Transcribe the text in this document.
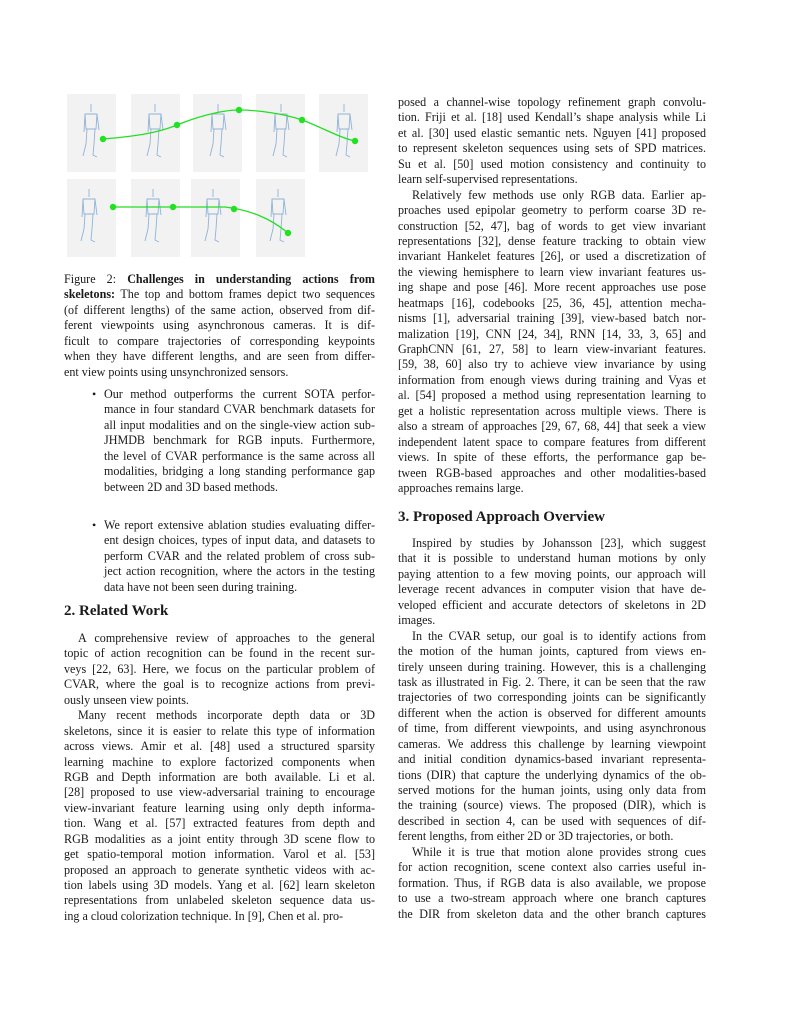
Figure 2: Challenges in understanding actions from
skeletons: The top and bottom frames depict two sequences
(of different lengths) of the same action, observed from dif-
ferent viewpoints using asynchronous cameras. It is dif-
ficult to compare trajectories of corresponding keypoints
when they have different lengths, and are seen from differ-
ent view points using unsynchronized sensors.
• Our method outperforms the current SOTA perfor-
mance in four standard CVAR benchmark datasets for
all input modalities and on the single-view action sub-
JHMDB benchmark for RGB inputs. Furthermore,
the level of CVAR performance is the same across all
modalities, bridging a long standing performance gap
between 2D and 3D based methods.
• We report extensive ablation studies evaluating differ-
ent design choices, types of input data, and datasets to
perform CVAR and the related problem of cross sub-
ject action recognition, where the actors in the testing
data have not been seen during training.
2. Related Work
A comprehensive review of approaches to the general
topic of action recognition can be found in the recent sur-
veys [22, 63]. Here, we focus on the particular problem of
CVAR, where the goal is to recognize actions from previ-
ously unseen view points.
Many recent methods incorporate depth data or 3D
skeletons, since it is easier to relate this type of information
across views. Amir et al. [48] used a structured sparsity
learning machine to explore factorized components when
RGB and Depth information are both available. Li et al.
[28] proposed to use view-adversarial training to encourage
view-invariant feature learning using only depth informa-
tion. Wang et al. [57] extracted features from depth and
RGB modalities as a joint entity through 3D scene flow to
get spatio-temporal motion information. Varol et al. [53]
proposed an approach to generate synthetic videos with ac-
tion labels using 3D models. Yang et al. [62] learn skeleton
representations from unlabeled skeleton sequence data us-
ing a cloud colorization technique. In [9], Chen et al. pro-
posed a channel-wise topology refinement graph convolu-
tion. Friji et al. [18] used Kendall’s shape analysis while Li
et al. [30] used elastic semantic nets. Nguyen [41] proposed
to represent skeleton sequences using sets of SPD matrices.
Su et al. [50] used motion consistency and continuity to
learn self-supervised representations.
Relatively few methods use only RGB data. Earlier ap-
proaches used epipolar geometry to perform coarse 3D re-
construction [52, 47], bag of words to get view invariant
representations [32], dense feature tracking to obtain view
invariant Hankelet features [26], or used a discretization of
the viewing hemisphere to learn view invariant features us-
ing shape and pose [46]. More recent approaches use pose
heatmaps [16], codebooks [25, 36, 45], attention mecha-
nisms [1], adversarial training [39], view-based batch nor-
malization [19], CNN [24, 34], RNN [14, 33, 3, 65] and
GraphCNN [61, 27, 58] to learn view-invariant features.
[59, 38, 60] also try to achieve view invariance by using
information from enough views during training and Vyas et
al. [54] proposed a method using representation learning to
get a holistic representation across multiple views. There is
also a stream of approaches [29, 67, 68, 44] that seek a view
independent latent space to compare features from different
views. In spite of these efforts, the performance gap be-
tween RGB-based approaches and other modalities-based
approaches remains large.
3. Proposed Approach Overview
Inspired by studies by Johansson [23], which suggest
that it is possible to understand human motions by only
paying attention to a few moving points, our approach will
leverage recent advances in computer vision that have de-
veloped efficient and accurate detectors of skeletons in 2D
images.
In the CVAR setup, our goal is to identify actions from
the motion of the human joints, captured from views en-
tirely unseen during training. However, this is a challenging
task as illustrated in Fig. 2. There, it can be seen that the raw
trajectories of two corresponding joints can be significantly
different when the action is observed for different amounts
of time, from different viewpoints, and using asynchronous
cameras. We address this challenge by learning viewpoint
and initial condition dynamics-based invariant representa-
tions (DIR) that capture the underlying dynamics of the ob-
served motions for the human joints, using only data from
the training (source) views. The proposed (DIR), which is
described in section 4, can be used with sequences of dif-
ferent lengths, from either 2D or 3D trajectories, or both.
While it is true that motion alone provides strong cues
for action recognition, scene context also carries useful in-
formation. Thus, if RGB data is also available, we propose
to use a two-stream approach where one branch captures
the DIR from skeleton data and the other branch captures
